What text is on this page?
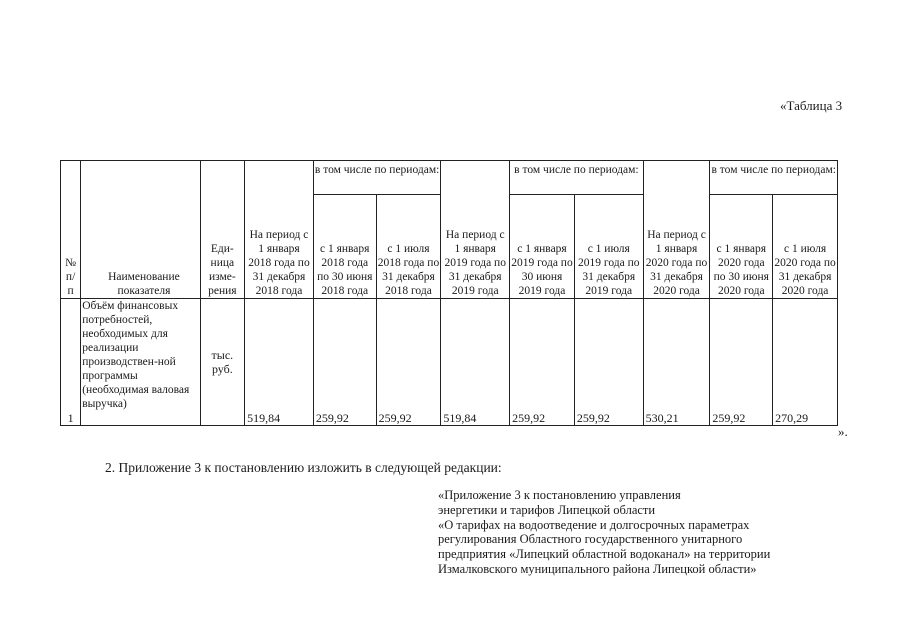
«Таблица 3
№ п/ п	Наименование показателя	Еди-ница изме-рения	На период с 1 января 2018 года по 31 декабря 2018 года	в том числе по периодам:		На период с 1 января 2019 года по 31 декабря 2019 года	в том числе по периодам:		На период с 1 января 2020 года по 31 декабря 2020 года	в том числе по периодам:	
				с 1 января 2018 года по 30 июня 2018 года	с 1 июля 2018 года по 31 декабря 2018 года		с 1 января 2019 года по 30 июня 2019 года	с 1 июля 2019 года по 31 декабря 2019 года		с 1 января 2020 года по 30 июня 2020 года	с 1 июля 2020 года по 31 декабря 2020 года
1	Объём финансовых потребностей, необходимых для реализации производствен-ной программы (необходимая валовая выручка)	тыс. руб.	519,84	259,92	259,92	519,84	259,92	259,92	530,21	259,92	270,29
».
2. Приложение 3 к постановлению изложить в следующей редакции:
«Приложение 3 к постановлению управления
энергетики и тарифов Липецкой области
«О тарифах на водоотведение и долгосрочных параметрах
регулирования Областного государственного унитарного
предприятия «Липецкий областной водоканал» на территории
Измалковского муниципального района Липецкой области»
